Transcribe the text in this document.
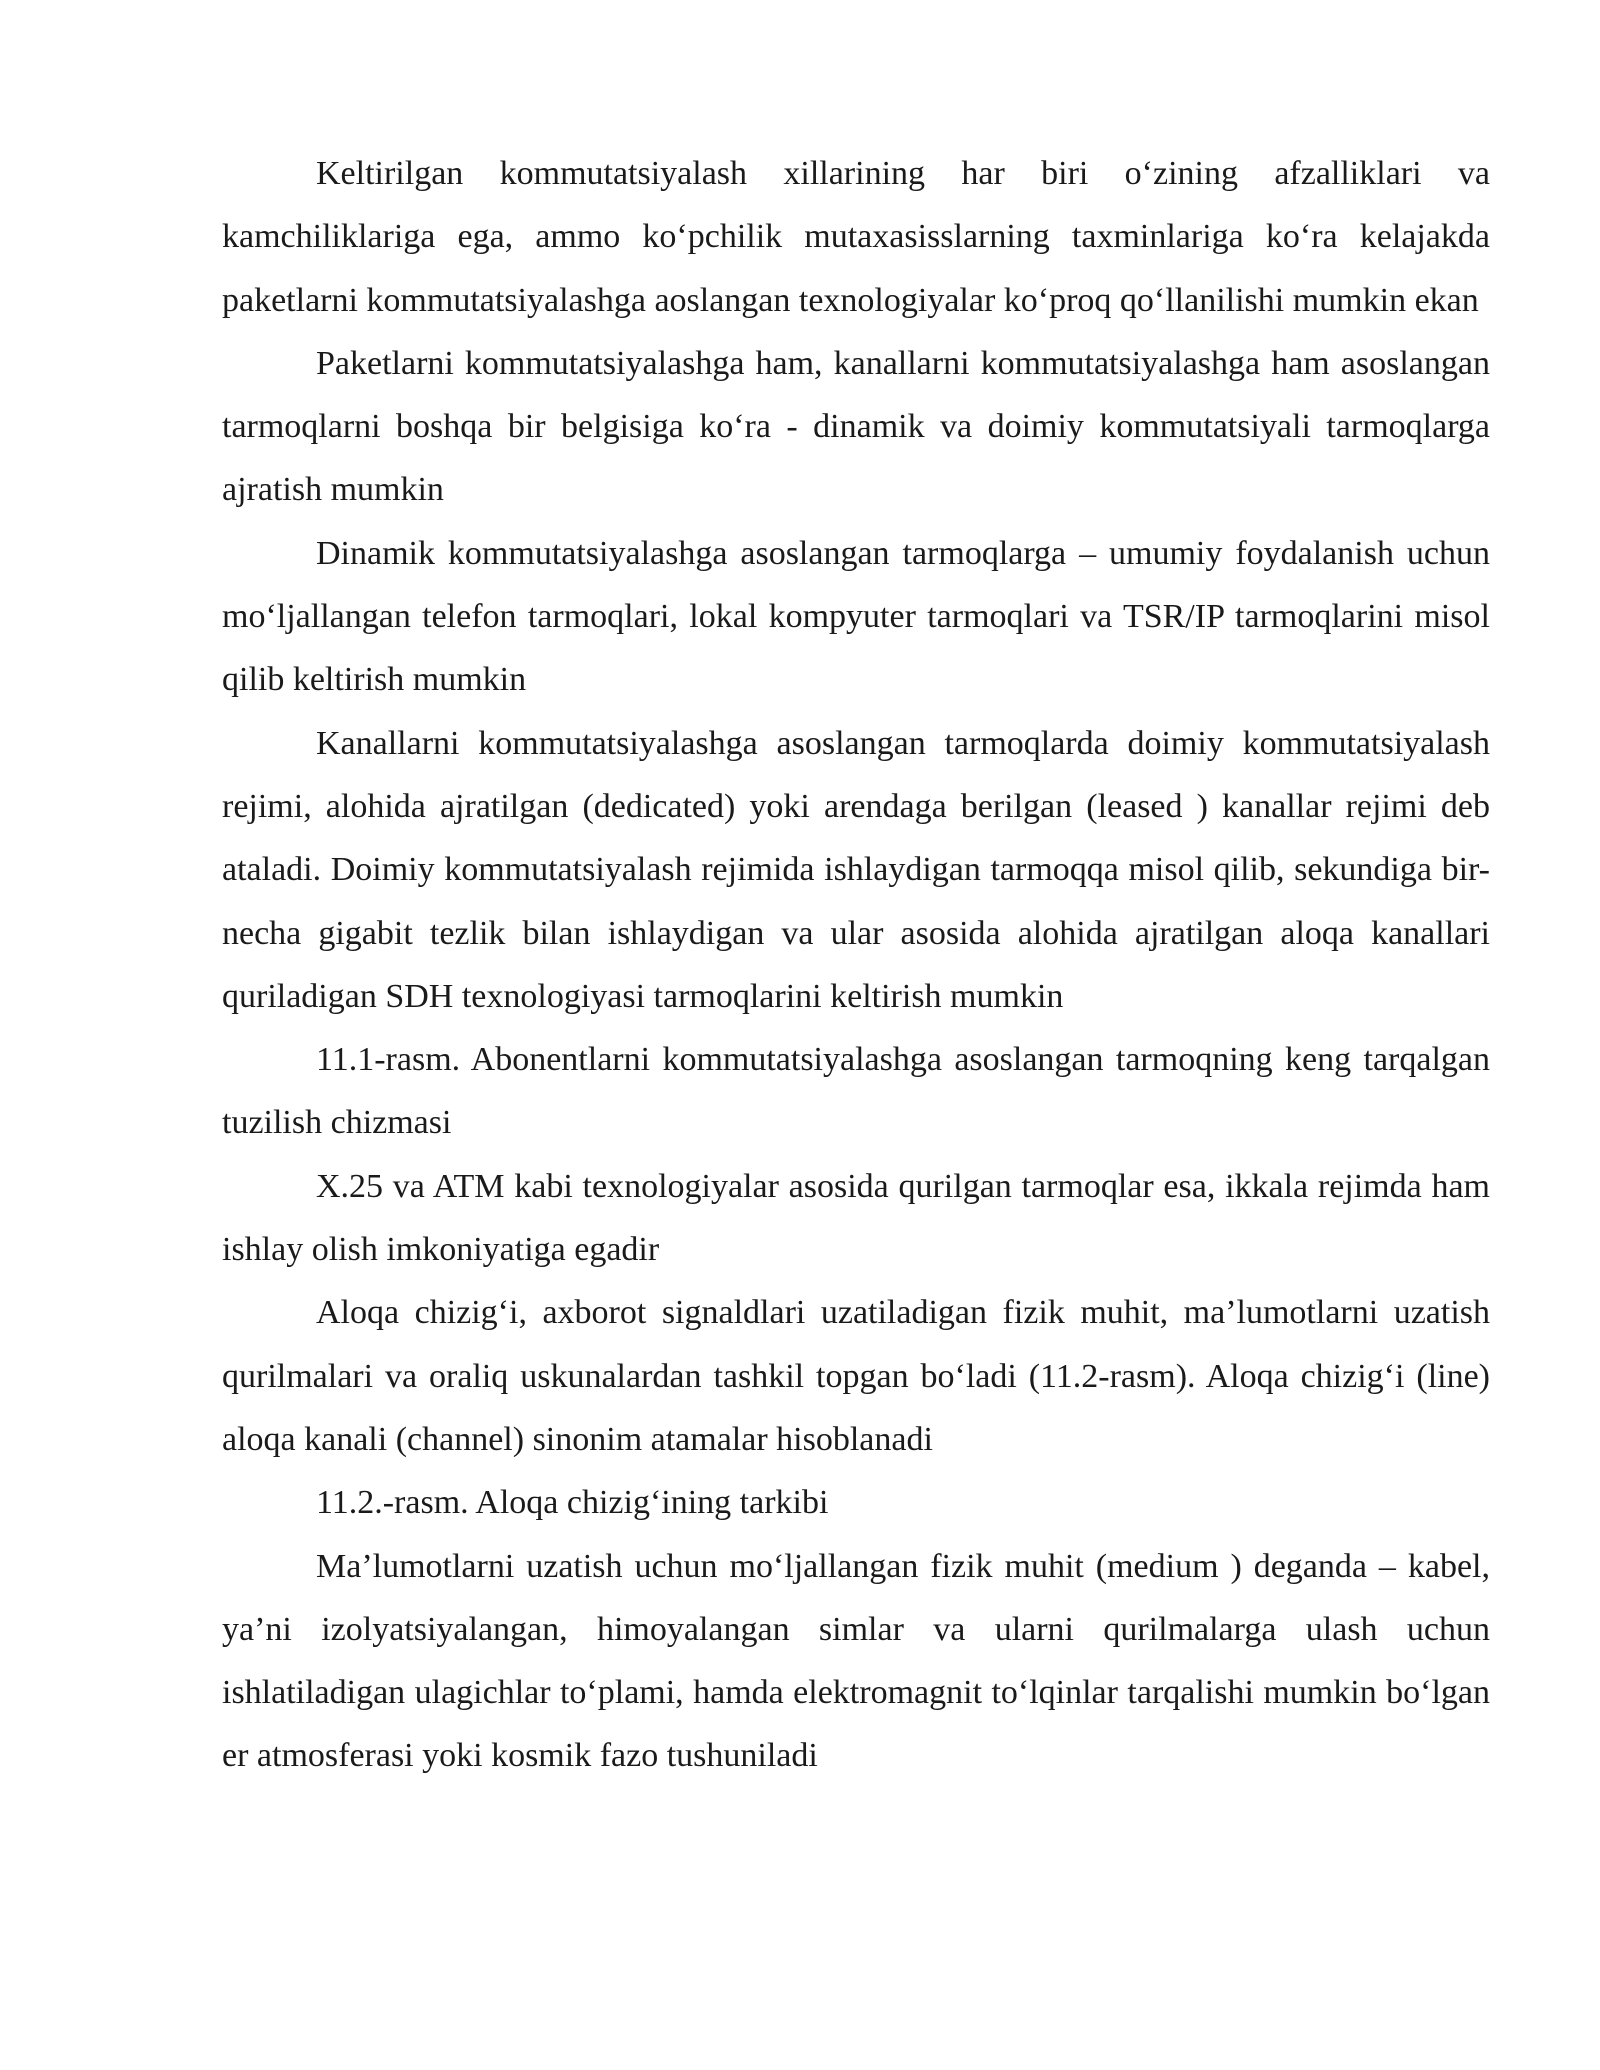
Keltirilgan kommutatsiyalash xillarining har biri o‘zining afzalliklari va kamchiliklariga ega, ammo ko‘pchilik mutaxasisslarning taxminlariga ko‘ra kelajakda paketlarni kommutatsiyalashga aoslangan texnologiyalar ko‘proq qo‘llanilishi mumkin ekan

Paketlarni kommutatsiyalashga ham, kanallarni kommutatsiyalashga ham asoslangan tarmoqlarni boshqa bir belgisiga ko‘ra - dinamik va doimiy kommutatsiyali tarmoqlarga ajratish mumkin

Dinamik kommutatsiyalashga asoslangan tarmoqlarga – umumiy foydalanish uchun mo‘ljallangan telefon tarmoqlari, lokal kompyuter tarmoqlari va TSR/IP tarmoqlarini misol qilib keltirish mumkin

Kanallarni kommutatsiyalashga asoslangan tarmoqlarda doimiy kommutatsiyalash rejimi, alohida ajratilgan (dedicated) yoki arendaga berilgan (leased ) kanallar rejimi deb ataladi. Doimiy kommutatsiyalash rejimida ishlaydigan tarmoqqa misol qilib, sekundiga bir-necha gigabit tezlik bilan ishlaydigan va ular asosida alohida ajratilgan aloqa kanallari quriladigan SDH texnologiyasi tarmoqlarini keltirish mumkin

11.1-rasm. Abonentlarni kommutatsiyalashga asoslangan tarmoqning keng tarqalgan tuzilish chizmasi

X.25 va ATM kabi texnologiyalar asosida qurilgan tarmoqlar esa, ikkala rejimda ham ishlay olish imkoniyatiga egadir

Aloqa chizig‘i, axborot signaldlari uzatiladigan fizik muhit, ma’lumotlarni uzatish qurilmalari va oraliq uskunalardan tashkil topgan bo‘ladi (11.2-rasm). Aloqa chizig‘i (line) aloqa kanali (channel) sinonim atamalar hisoblanadi

11.2.-rasm. Aloqa chizig‘ining tarkibi

Ma’lumotlarni uzatish uchun mo‘ljallangan fizik muhit (medium ) deganda – kabel, ya’ni izolyatsiyalangan, himoyalangan simlar va ularni qurilmalarga ulash uchun ishlatiladigan ulagichlar to‘plami, hamda elektromagnit to‘lqinlar tarqalishi mumkin bo‘lgan er atmosferasi yoki kosmik fazo tushuniladi
